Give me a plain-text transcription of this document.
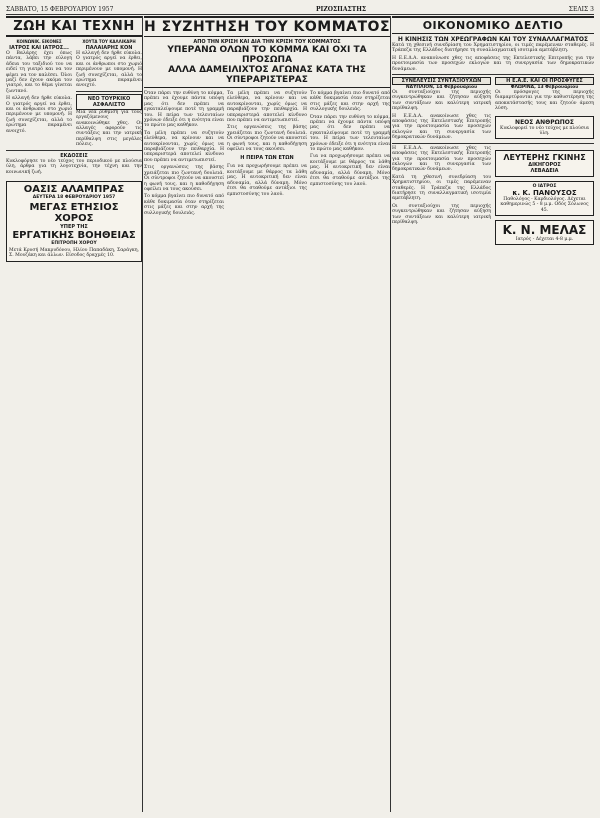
ΣΑΒΒΑΤΟ, 15 ΦΕΒΡΟΥΑΡΙΟΥ 1957	ΡΙΖΟΣΠΑΣΤΗΣ	ΣΕΛΙΣ 3
ΖΩΗ ΚΑΙ ΤΕΧΝΗ
ΚΟΙΝΩΝΙΚ. ΕΙΚΟΝΕΣ
ΙΑΤΡΟΣ ΚΑΙ ΙΑΤΡΟΣ...
Ο Βαλάρης έχει όπως πάντα, λάβει την εύλογη άδεια του ταξιδιού του να ειδεί τη γιατρό και να τον φέρει να τον καλέσει. Όλοι μαζί δεν έχουν ακόμα τον γιατρό, και το θέμα γίνεται ζωντανό.
Η αλλαγή δεν ήρθε εύκολα. Ο γιατρός αργεί να έρθει, και οι άνθρωποι στο χωριό περιμένουν με υπομονή. Η ζωή συνεχίζεται, αλλά το ερώτημα παραμένει ανοιχτό.
ΧΟΥΤΑ ΤΟΥ ΚΑΛΛΙΚΑΡΗ
ΠΑΛΑΙΑΡΗΣ ΚΟΝ
Η αλλαγή δεν ήρθε εύκολα. Ο γιατρός αργεί να έρθει, και οι άνθρωποι στο χωριό περιμένουν με υπομονή. Η ζωή συνεχίζεται, αλλά το ερώτημα παραμένει ανοιχτό.
ΝΕΟ ΤΟΥΡΚΙΚΟ ΑΣΦΑΛΙΣΤΟ
Μια νέα ρύθμιση για τους εργαζόμενους ανακοινώθηκε χθες. Οι αλλαγές αφορούν τις συντάξεις και την ιατρική περίθαλψη στις μεγάλες πόλεις.
ΕΚΔΟΣΕΙΣ
Κυκλοφόρησε το νέο τεύχος του περιοδικού με πλούσια ύλη, άρθρα για τη λογοτεχνία, την τέχνη και την κοινωνική ζωή.
ΟΑΣΙΣ ΑΛΑΜΠΡΑΣ
ΔΕΥΤΕΡΑ 18 ΦΕΒΡΟΥΑΡΙΟΥ 1957
ΜΕΓΑΣ ΕΤΗΣΙΟΣ ΧΟΡΟΣ
ΥΠΕΡ ΤΗΣ
ΕΡΓΑΤΙΚΗΣ ΒΟΗΘΕΙΑΣ
ΕΠΙΤΡΟΠΗ ΧΟΡΟΥ
Μετά Κρυσή Μακρυδόνου, Ηλίου Παπαδάκη, Σαράγκη, Σ. Μουζάκη και άλλων. Είσοδος δραχμές 10.
Η ΣΥΖΗΤΗΣΗ ΤΟΥ ΚΟΜΜΑΤΟΣ
ΑΠΟ ΤΗΝ ΚΡΙΣΗ ΚΑΙ ΔΙΑ ΤΗΝ ΚΡΙΣΗ ΤΟΥ ΚΟΜΜΑΤΟΣ
ΥΠΕΡΑΝΩ ΟΛΩΝ ΤΟ ΚΟΜΜΑ ΚΑΙ ΟΧΙ ΤΑ ΠΡΟΣΩΠΑ
ΑΛΛΑ ΔΑΜΕΙΛΙΧΤΟΣ ΑΓΩΝΑΣ ΚΑΤΑ ΤΗΣ ΥΠΕΡΑΡΙΣΤΕΡΑΣ
Όταν πάρει την ευθύνη το κόμμα, πρέπει να έχουμε πάντα υπόψη μας ότι δεν πρέπει να εγκαταλείψουμε ποτέ τη γραμμή του. Η πείρα των τελευταίων χρόνων έδειξε ότι η ενότητα είναι το πρώτο μας καθήκον.
Τα μέλη πρέπει να συζητούν ελεύθερα, να κρίνουν και να αυτοκρίνονται, χωρίς όμως να παραβιάζουν την πειθαρχία. Η υπεραριστερά αποτελεί κίνδυνο που πρέπει να αντιμετωπιστεί.
Στις οργανώσεις της βάσης χρειάζεται πιο ζωντανή δουλειά. Οι σύντροφοι ζητούν να ακουστεί η φωνή τους, και η καθοδήγηση οφείλει να τους ακούσει.
Το κόμμα βγαίνει πιο δυνατό από κάθε δοκιμασία όταν στηρίζεται στις μάζες και στην αρχή της συλλογικής δουλειάς.
Τα μέλη πρέπει να συζητούν ελεύθερα, να κρίνουν και να αυτοκρίνονται, χωρίς όμως να παραβιάζουν την πειθαρχία. Η υπεραριστερά αποτελεί κίνδυνο που πρέπει να αντιμετωπιστεί.
Στις οργανώσεις της βάσης χρειάζεται πιο ζωντανή δουλειά. Οι σύντροφοι ζητούν να ακουστεί η φωνή τους, και η καθοδήγηση οφείλει να τους ακούσει.
Η ΠΕΙΡΑ ΤΩΝ ΕΤΩΝ
Για να προχωρήσουμε πρέπει να κοιτάξουμε με θάρρος τα λάθη μας. Η αυτοκριτική δεν είναι αδυναμία, αλλά δύναμη. Μόνο έτσι θα σταθούμε αντάξιοι της εμπιστοσύνης του λαού.
Το κόμμα βγαίνει πιο δυνατό από κάθε δοκιμασία όταν στηρίζεται στις μάζες και στην αρχή της συλλογικής δουλειάς.
Όταν πάρει την ευθύνη το κόμμα, πρέπει να έχουμε πάντα υπόψη μας ότι δεν πρέπει να εγκαταλείψουμε ποτέ τη γραμμή του. Η πείρα των τελευταίων χρόνων έδειξε ότι η ενότητα είναι το πρώτο μας καθήκον.
Για να προχωρήσουμε πρέπει να κοιτάξουμε με θάρρος τα λάθη μας. Η αυτοκριτική δεν είναι αδυναμία, αλλά δύναμη. Μόνο έτσι θα σταθούμε αντάξιοι της εμπιστοσύνης του λαού.
ΟΙΚΟΝΟΜΙΚΟ ΔΕΛΤΙΟ
Η ΚΙΝΗΣΙΣ ΤΩΝ ΧΡΕΩΓΡΑΦΩΝ ΚΑΙ ΤΟΥ ΣΥΝΑΛΛΑΓΜΑΤΟΣ
Κατά τη χθεσινή συνεδρίαση του Χρηματιστηρίου, οι τιμές παρέμειναν σταθερές. Η Τράπεζα της Ελλάδος διατήρησε τη συναλλαγματική ισοτιμία αμετάβλητη.
Η Ε.Ε.Δ.Α. ανακοίνωσε χθες τις αποφάσεις της Εκτελεστικής Επιτροπής για την προετοιμασία των προσεχών εκλογών και τη συνεργασία των δημοκρατικών δυνάμεων.
ΣΥΝΕΛΕΥΣΙΣ ΣΥΝΤΑΞΙΟΥΧΩΝ
ΝΑΥΠΛΙΟΝ, 14 Φεβρουαρίου
Οι συνταξιούχοι της περιοχής συγκεντρώθηκαν και ζήτησαν αύξηση των συντάξεων και καλύτερη ιατρική περίθαλψη.
Η Ε.Ε.Δ.Α. ανακοίνωσε χθες τις αποφάσεις της Εκτελεστικής Επιτροπής για την προετοιμασία των προσεχών εκλογών και τη συνεργασία των δημοκρατικών δυνάμεων.
Η Ε.Α.Ε. ΚΑΙ ΟΙ ΠΡΟΣΦΥΓΕΣ
ΦΛΩΡΙΝΑ, 13 Φεβρουαρίου
Οι πρόσφυγες της περιοχής διαμαρτύρονται για την καθυστέρηση της αποκατάστασής τους και ζητούν άμεση λύση.
ΝΕΟΣ ΑΝΘΡΩΠΟΣ
Κυκλοφορεί το νέο τεύχος με πλούσια ύλη.
Η Ε.Ε.Δ.Α. ανακοίνωσε χθες τις αποφάσεις της Εκτελεστικής Επιτροπής για την προετοιμασία των προσεχών εκλογών και τη συνεργασία των δημοκρατικών δυνάμεων.
Κατά τη χθεσινή συνεδρίαση του Χρηματιστηρίου, οι τιμές παρέμειναν σταθερές. Η Τράπεζα της Ελλάδος διατήρησε τη συναλλαγματική ισοτιμία αμετάβλητη.
Οι συνταξιούχοι της περιοχής συγκεντρώθηκαν και ζήτησαν αύξηση των συντάξεων και καλύτερη ιατρική περίθαλψη.
ΛΕΥΤΕΡΗΣ ΓΚΙΝΗΣ
ΔΙΚΗΓΟΡΟΣ
ΛΕΒΑΔΕΙΑ
Ο ΙΑΤΡΟΣ
κ. Κ. ΠΑΝΟΥΣΟΣ
Παθολόγος - Καρδιολόγος. Δέχεται καθημερινώς 5 - 8 μ.μ. Οδός Σόλωνος 45.
Κ. Ν. ΜΕΛΑΣ
Ιατρός - Δέχεται 4-8 μ.μ.
